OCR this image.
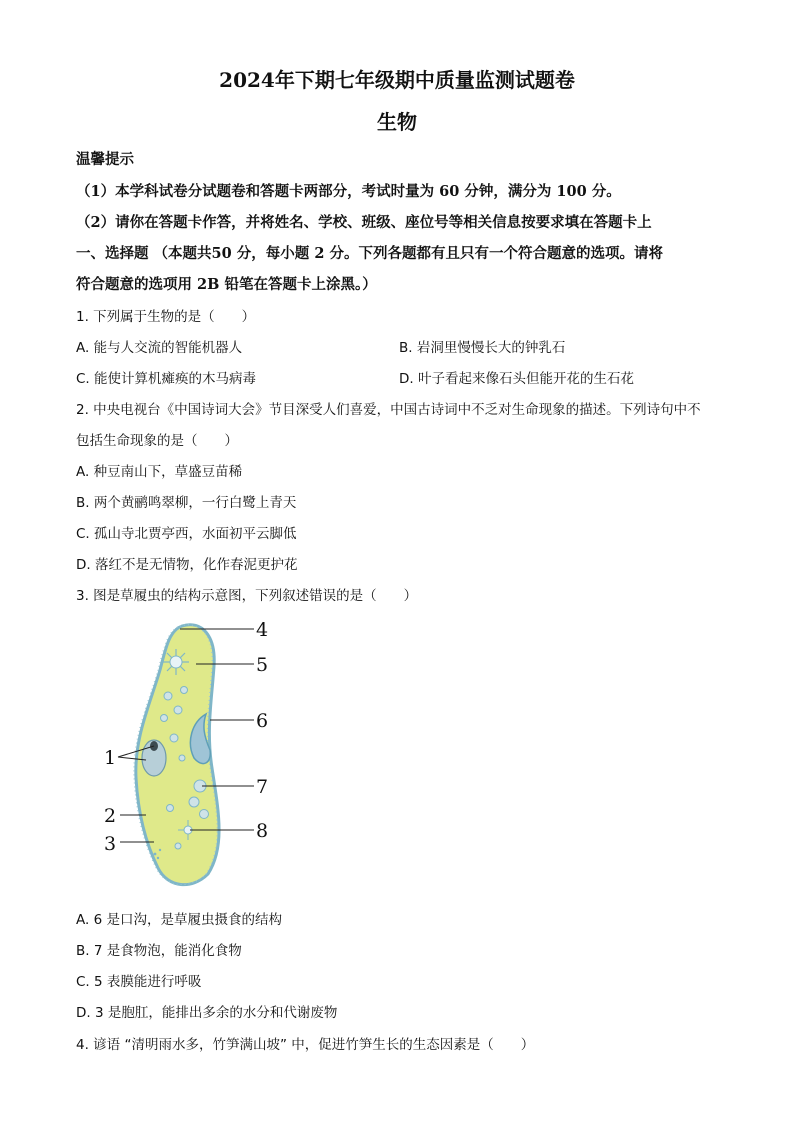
2024年下期七年级期中质量监测试题卷
生物
温馨提示
（1）本学科试卷分试题卷和答题卡两部分，考试时量为 60 分钟，满分为 100 分。
（2）请你在答题卡作答，并将姓名、学校、班级、座位号等相关信息按要求填在答题卡上
一、选择题 （本题共50 分，每小题 2 分。下列各题都有且只有一个符合题意的选项。请将
符合题意的选项用 2B 铅笔在答题卡上涂黑。）
1. 下列属于生物的是（　　）
A. 能与人交流的智能机器人	B. 岩洞里慢慢长大的钟乳石
C. 能使计算机瘫痪的木马病毒	D. 叶子看起来像石头但能开花的生石花
2. 中央电视台《中国诗词大会》节目深受人们喜爱，中国古诗词中不乏对生命现象的描述。下列诗句中不
包括生命现象的是（　　）
A. 种豆南山下，草盛豆苗稀
B. 两个黄鹂鸣翠柳，一行白鹭上青天
C. 孤山寺北贾亭西，水面初平云脚低
D. 落红不是无情物，化作春泥更护花
3. 图是草履虫的结构示意图，下列叙述错误的是（　　）
4
5
6
7
8
1
2
3
A. 6 是口沟，是草履虫摄食的结构
B. 7 是食物泡，能消化食物
C. 5 表膜能进行呼吸
D. 3 是胞肛，能排出多余的水分和代谢废物
4. 谚语 “清明雨水多，竹笋满山坡” 中，促进竹笋生长的生态因素是（　　）
